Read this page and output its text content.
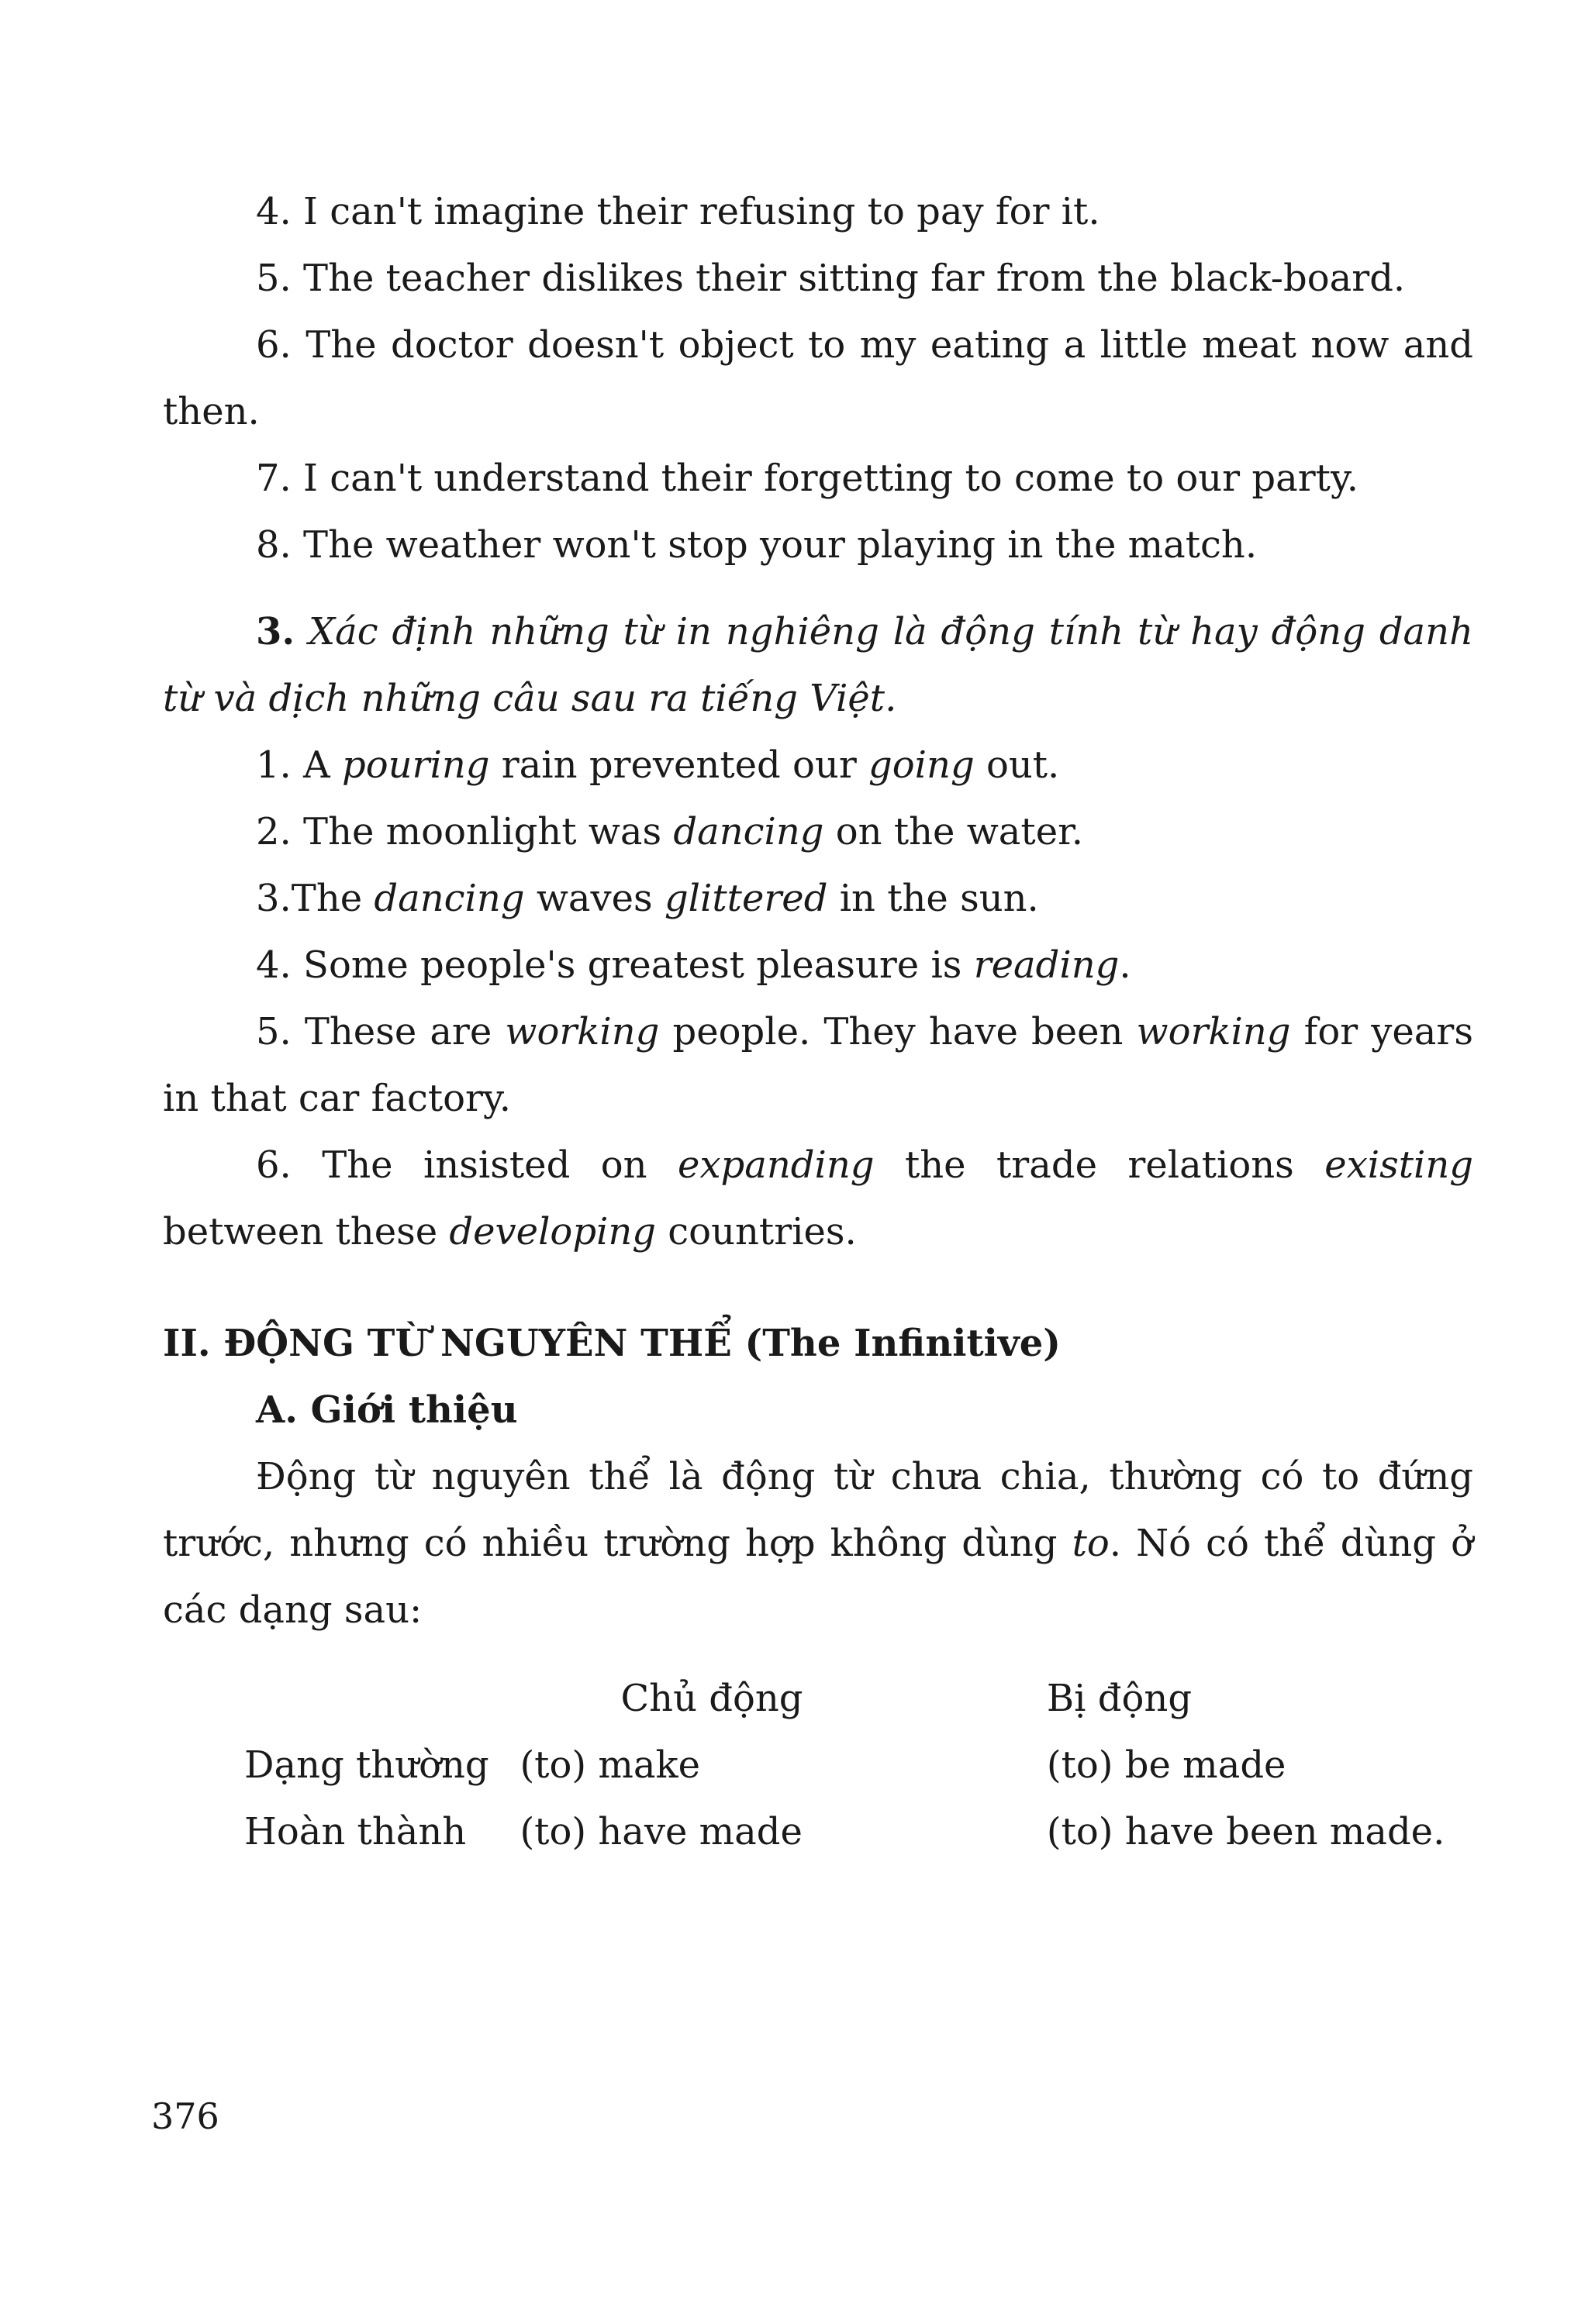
4. I can't imagine their refusing to pay for it.

5. The teacher dislikes their sitting far from the black-board.

6. The doctor doesn't object to my eating a little meat now and then.

7. I can't understand their forgetting to come to our party.

8. The weather won't stop your playing in the match.

3. Xác định những từ in nghiêng là động tính từ hay động danh từ và dịch những câu sau ra tiếng Việt.

1. A pouring rain prevented our going out.

2. The moonlight was dancing on the water.

3.The dancing waves glittered in the sun.

4. Some people's greatest pleasure is reading.

5. These are working people. They have been working for years in that car factory.

6. The insisted on expanding the trade relations existing between these developing countries.

II. ĐỘNG TỪ NGUYÊN THỂ (The Infinitive)

A. Giới thiệu

Động từ nguyên thể là động từ chưa chia, thường có to đứng trước, nhưng có nhiều trường hợp không dùng to. Nó có thể dùng ở các dạng sau:

	Chủ động	Bị động
Dạng thường	(to) make	(to) be made
Hoàn thành	(to) have made	(to) have been made.
376
